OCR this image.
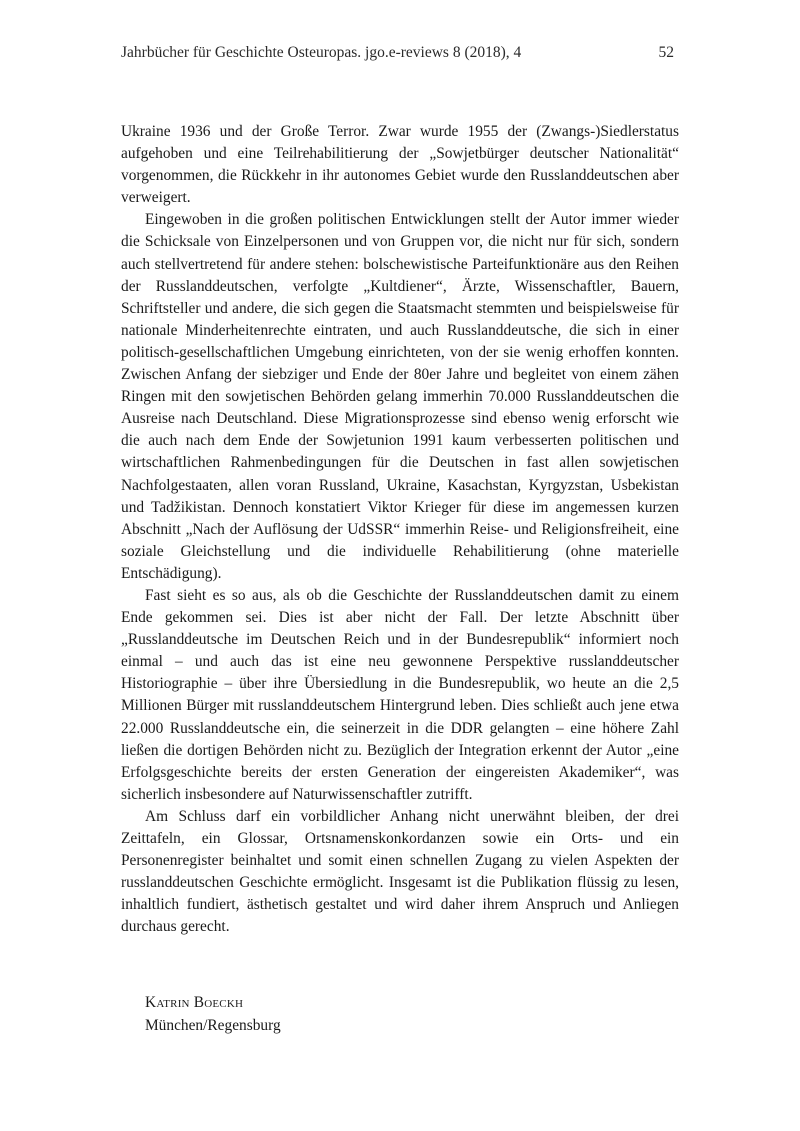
Jahrbücher für Geschichte Osteuropas. jgo.e-reviews 8 (2018), 4	52

Ukraine 1936 und der Große Terror. Zwar wurde 1955 der (Zwangs-)Siedlerstatus aufgehoben und eine Teilrehabilitierung der „Sowjetbürger deutscher Nationalität“ vorgenommen, die Rückkehr in ihr autonomes Gebiet wurde den Russlanddeutschen aber verweigert.

Eingewoben in die großen politischen Entwicklungen stellt der Autor immer wieder die Schicksale von Einzelpersonen und von Gruppen vor, die nicht nur für sich, sondern auch stellvertretend für andere stehen: bolschewistische Parteifunktionäre aus den Reihen der Russlanddeutschen, verfolgte „Kultdiener“, Ärzte, Wissenschaftler, Bauern, Schriftsteller und andere, die sich gegen die Staatsmacht stemmten und beispielsweise für nationale Minderheitenrechte eintraten, und auch Russlanddeutsche, die sich in einer politisch-gesellschaftlichen Umgebung einrichteten, von der sie wenig erhoffen konnten. Zwischen Anfang der siebziger und Ende der 80er Jahre und begleitet von einem zähen Ringen mit den sowjetischen Behörden gelang immerhin 70.000 Russlanddeutschen die Ausreise nach Deutschland. Diese Migrationsprozesse sind ebenso wenig erforscht wie die auch nach dem Ende der Sowjetunion 1991 kaum verbesserten politischen und wirtschaftlichen Rahmenbedingungen für die Deutschen in fast allen sowjetischen Nachfolgestaaten, allen voran Russland, Ukraine, Kasachstan, Kyrgyzstan, Usbekistan und Tadžikistan. Dennoch konstatiert Viktor Krieger für diese im angemessen kurzen Abschnitt „Nach der Auflösung der UdSSR“ immerhin Reise- und Religionsfreiheit, eine soziale Gleichstellung und die individuelle Rehabilitierung (ohne materielle Entschädigung).

Fast sieht es so aus, als ob die Geschichte der Russlanddeutschen damit zu einem Ende gekommen sei. Dies ist aber nicht der Fall. Der letzte Abschnitt über „Russlanddeutsche im Deutschen Reich und in der Bundesrepublik“ informiert noch einmal – und auch das ist eine neu gewonnene Perspektive russlanddeutscher Historiographie – über ihre Übersiedlung in die Bundesrepublik, wo heute an die 2,5 Millionen Bürger mit russlanddeutschem Hintergrund leben. Dies schließt auch jene etwa 22.000 Russlanddeutsche ein, die seinerzeit in die DDR gelangten – eine höhere Zahl ließen die dortigen Behörden nicht zu. Bezüglich der Integration erkennt der Autor „eine Erfolgsgeschichte bereits der ersten Generation der eingereisten Akademiker“, was sicherlich insbesondere auf Naturwissenschaftler zutrifft.

Am Schluss darf ein vorbildlicher Anhang nicht unerwähnt bleiben, der drei Zeittafeln, ein Glossar, Ortsnamenskonkordanzen sowie ein Orts- und ein Personenregister beinhaltet und somit einen schnellen Zugang zu vielen Aspekten der russlanddeutschen Geschichte ermöglicht. Insgesamt ist die Publikation flüssig zu lesen, inhaltlich fundiert, ästhetisch gestaltet und wird daher ihrem Anspruch und Anliegen durchaus gerecht.

Katrin Boeckh
München/Regensburg
